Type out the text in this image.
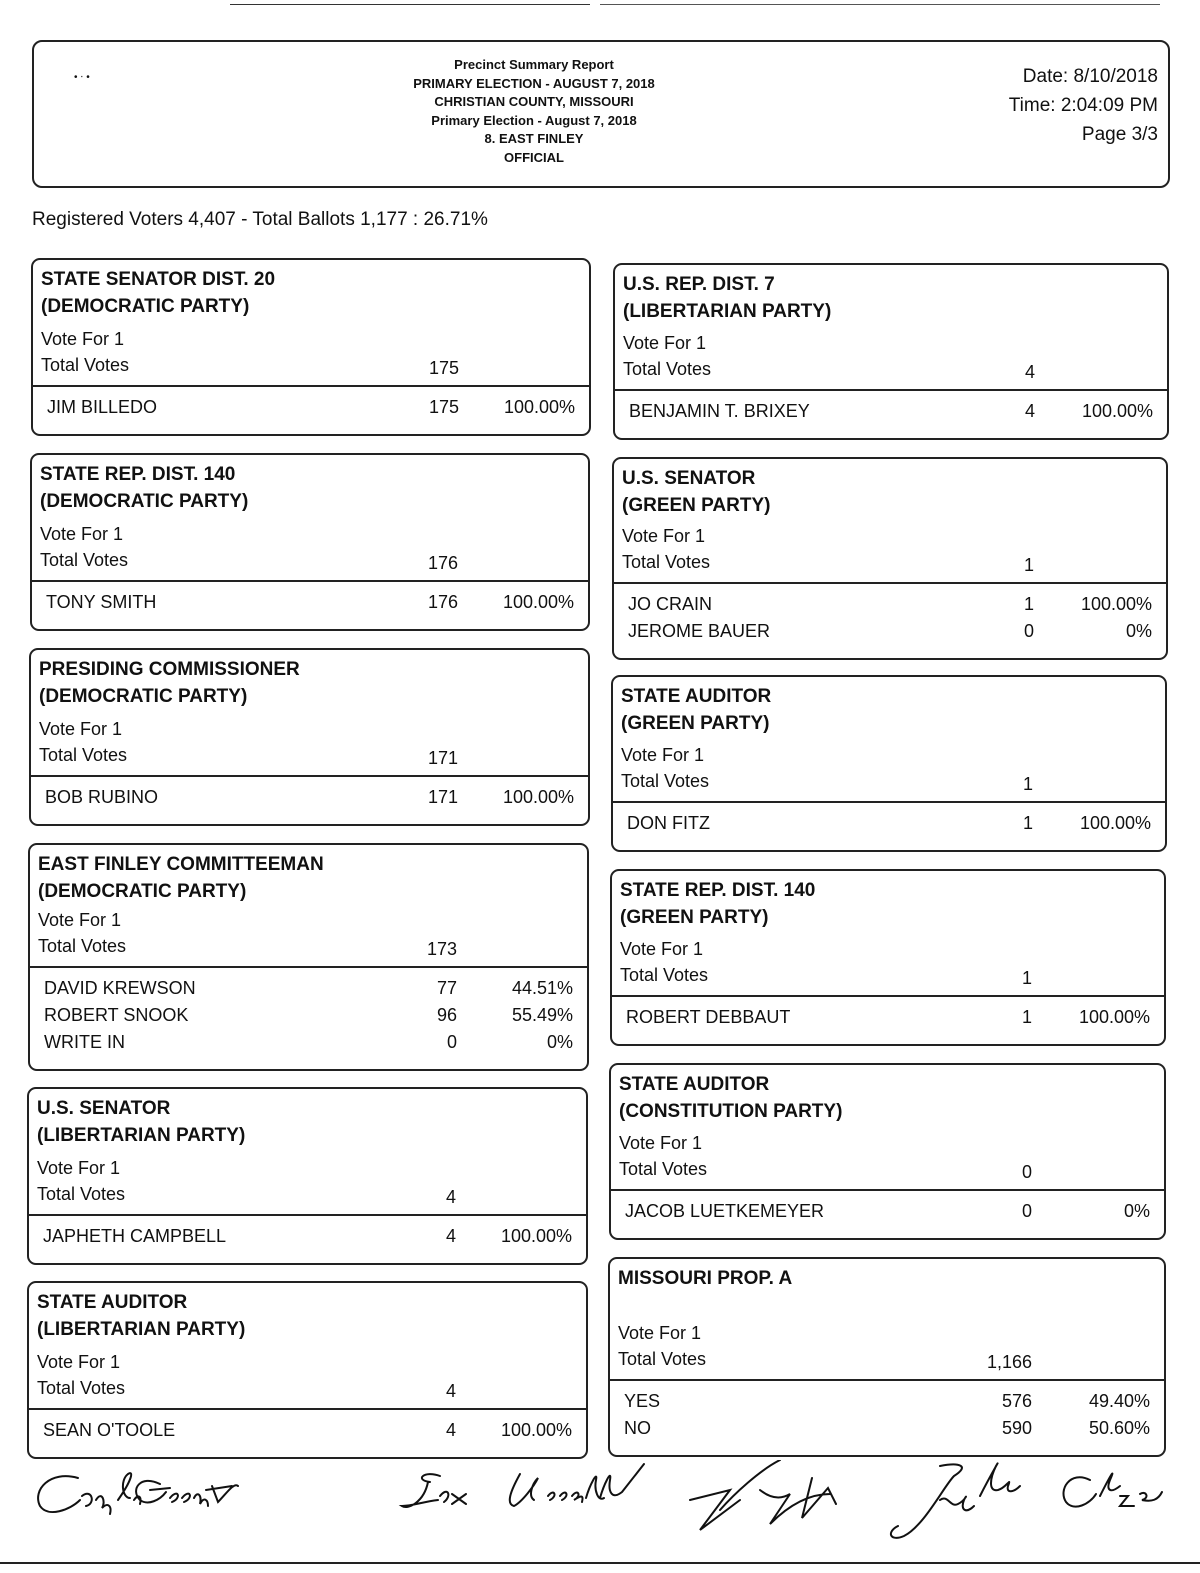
• ⋅ •
Precinct Summary Report
PRIMARY ELECTION - AUGUST 7, 2018
CHRISTIAN COUNTY, MISSOURI
Primary Election - August 7, 2018
8. EAST FINLEY
OFFICIAL
Date: 8/10/2018
Time: 2:04:09 PM
Page 3/3
Registered Voters 4,407 - Total Ballots 1,177 : 26.71%
STATE SENATOR DIST. 20
(DEMOCRATIC PARTY)
Vote For 1
Total Votes	175
JIM BILLEDO	175 100.00%
STATE REP. DIST. 140
(DEMOCRATIC PARTY)
Vote For 1
Total Votes	176
TONY SMITH	176 100.00%
PRESIDING COMMISSIONER
(DEMOCRATIC PARTY)
Vote For 1
Total Votes	171
BOB RUBINO	171 100.00%
EAST FINLEY COMMITTEEMAN
(DEMOCRATIC PARTY)
Vote For 1
Total Votes	173
DAVID KREWSON	77	44.51%
ROBERT SNOOK	96	55.49%
WRITE IN	0	0%
U.S. SENATOR
(LIBERTARIAN PARTY)
Vote For 1
Total Votes	4
JAPHETH CAMPBELL	4 100.00%
STATE AUDITOR
(LIBERTARIAN PARTY)
Vote For 1
Total Votes	4
SEAN O'TOOLE	4 100.00%
U.S. REP. DIST. 7
(LIBERTARIAN PARTY)
Vote For 1
Total Votes	4
BENJAMIN T. BRIXEY	4	100.00%
U.S. SENATOR
(GREEN PARTY)
Vote For 1
Total Votes	1
JO CRAIN	1	100.00%
JEROME BAUER	0	0%
STATE AUDITOR
(GREEN PARTY)
Vote For 1
Total Votes	1
DON FITZ	1	100.00%
STATE REP. DIST. 140
(GREEN PARTY)
Vote For 1
Total Votes	1
ROBERT DEBBAUT	1	100.00%
STATE AUDITOR
(CONSTITUTION PARTY)
Vote For 1
Total Votes	0
JACOB LUETKEMEYER	0	0%
MISSOURI PROP. A
Vote For 1
Total Votes	1,166
YES	576	49.40%
NO	590	50.60%
